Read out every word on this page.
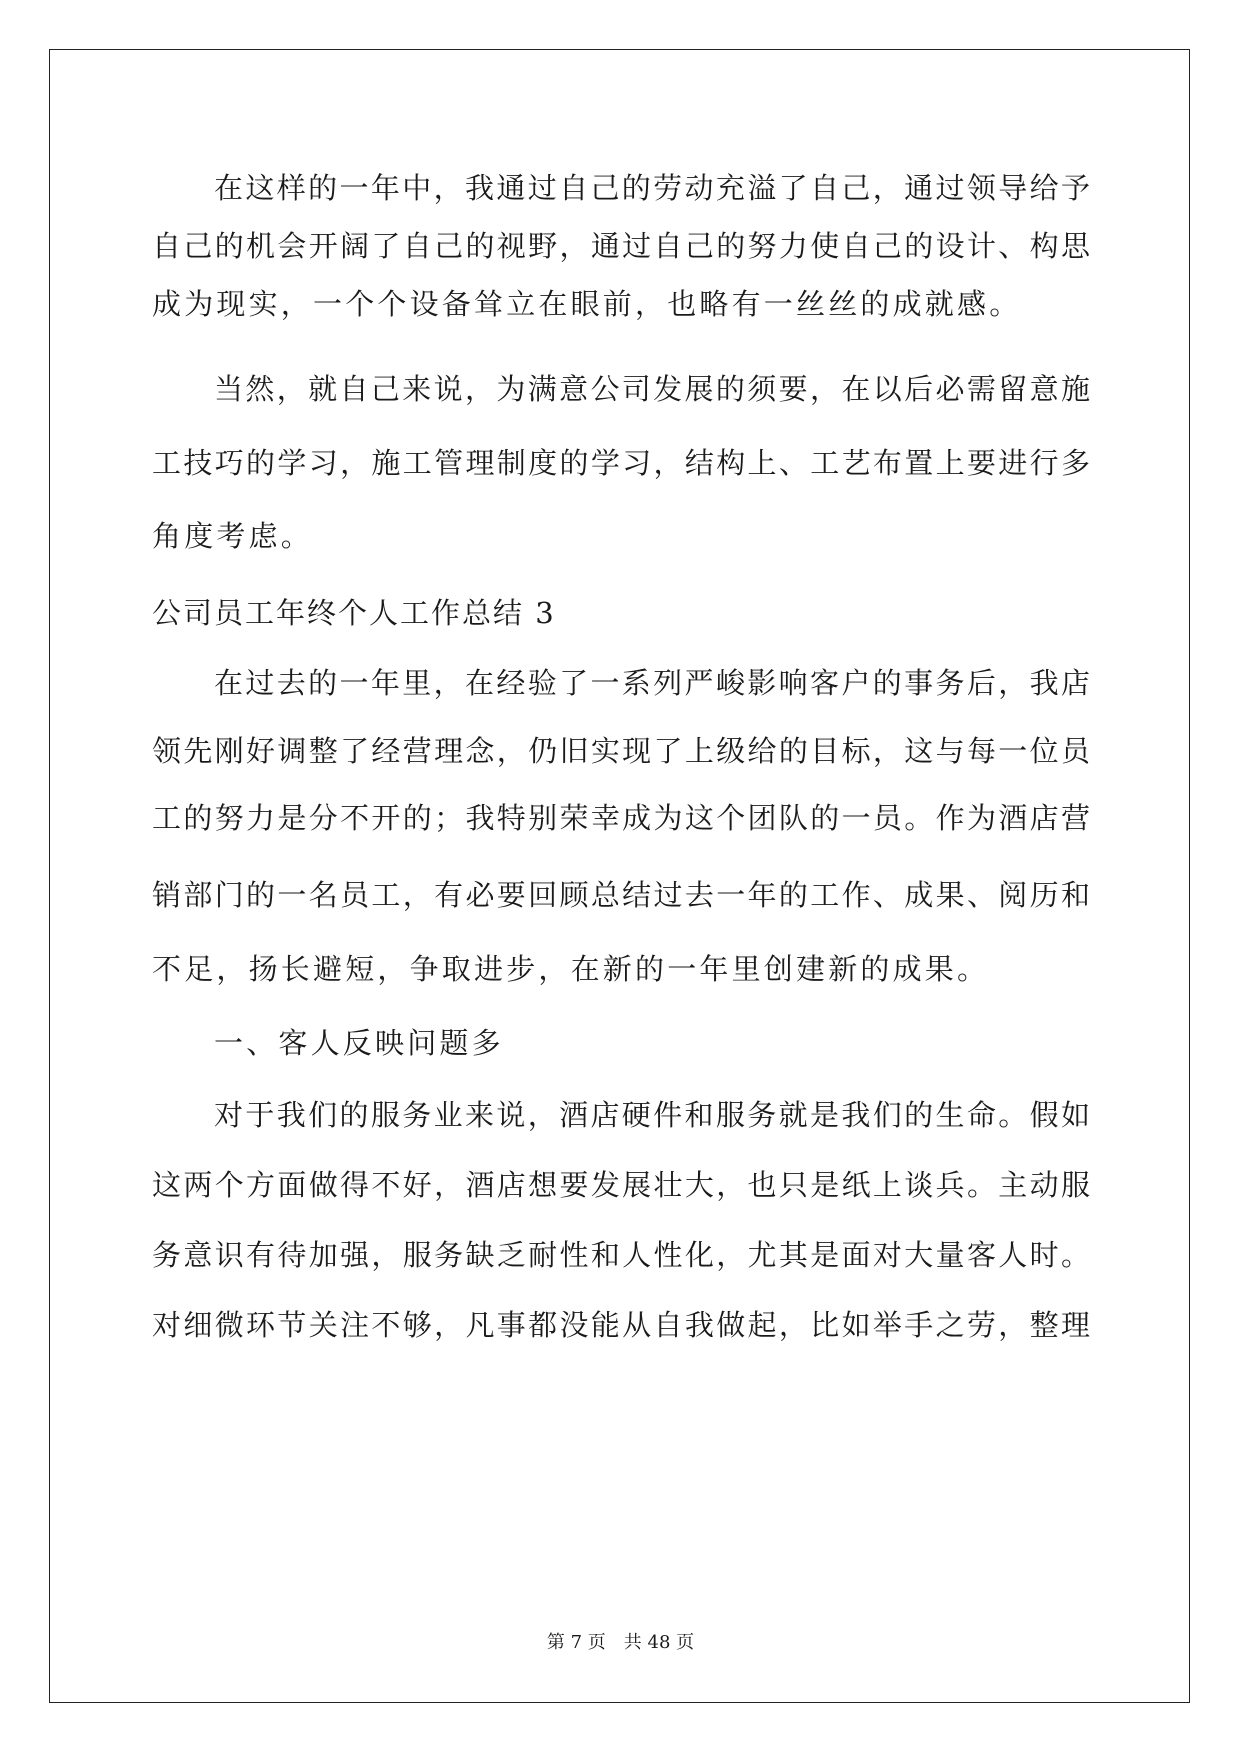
在这样的一年中，我通过自己的劳动充溢了自己，通过领导给予
自己的机会开阔了自己的视野，通过自己的努力使自己的设计、构思
成为现实，一个个设备耸立在眼前，也略有一丝丝的成就感。
当然，就自己来说，为满意公司发展的须要，在以后必需留意施
工技巧的学习，施工管理制度的学习，结构上、工艺布置上要进行多
角度考虑。
公司员工年终个人工作总结 3
在过去的一年里，在经验了一系列严峻影响客户的事务后，我店
领先刚好调整了经营理念，仍旧实现了上级给的目标，这与每一位员
工的努力是分不开的；我特别荣幸成为这个团队的一员。作为酒店营
销部门的一名员工，有必要回顾总结过去一年的工作、成果、阅历和
不足，扬长避短，争取进步，在新的一年里创建新的成果。
一、客人反映问题多
对于我们的服务业来说，酒店硬件和服务就是我们的生命。假如
这两个方面做得不好，酒店想要发展壮大，也只是纸上谈兵。主动服
务意识有待加强，服务缺乏耐性和人性化，尤其是面对大量客人时。
对细微环节关注不够，凡事都没能从自我做起，比如举手之劳，整理
第 7 页 共 48 页
